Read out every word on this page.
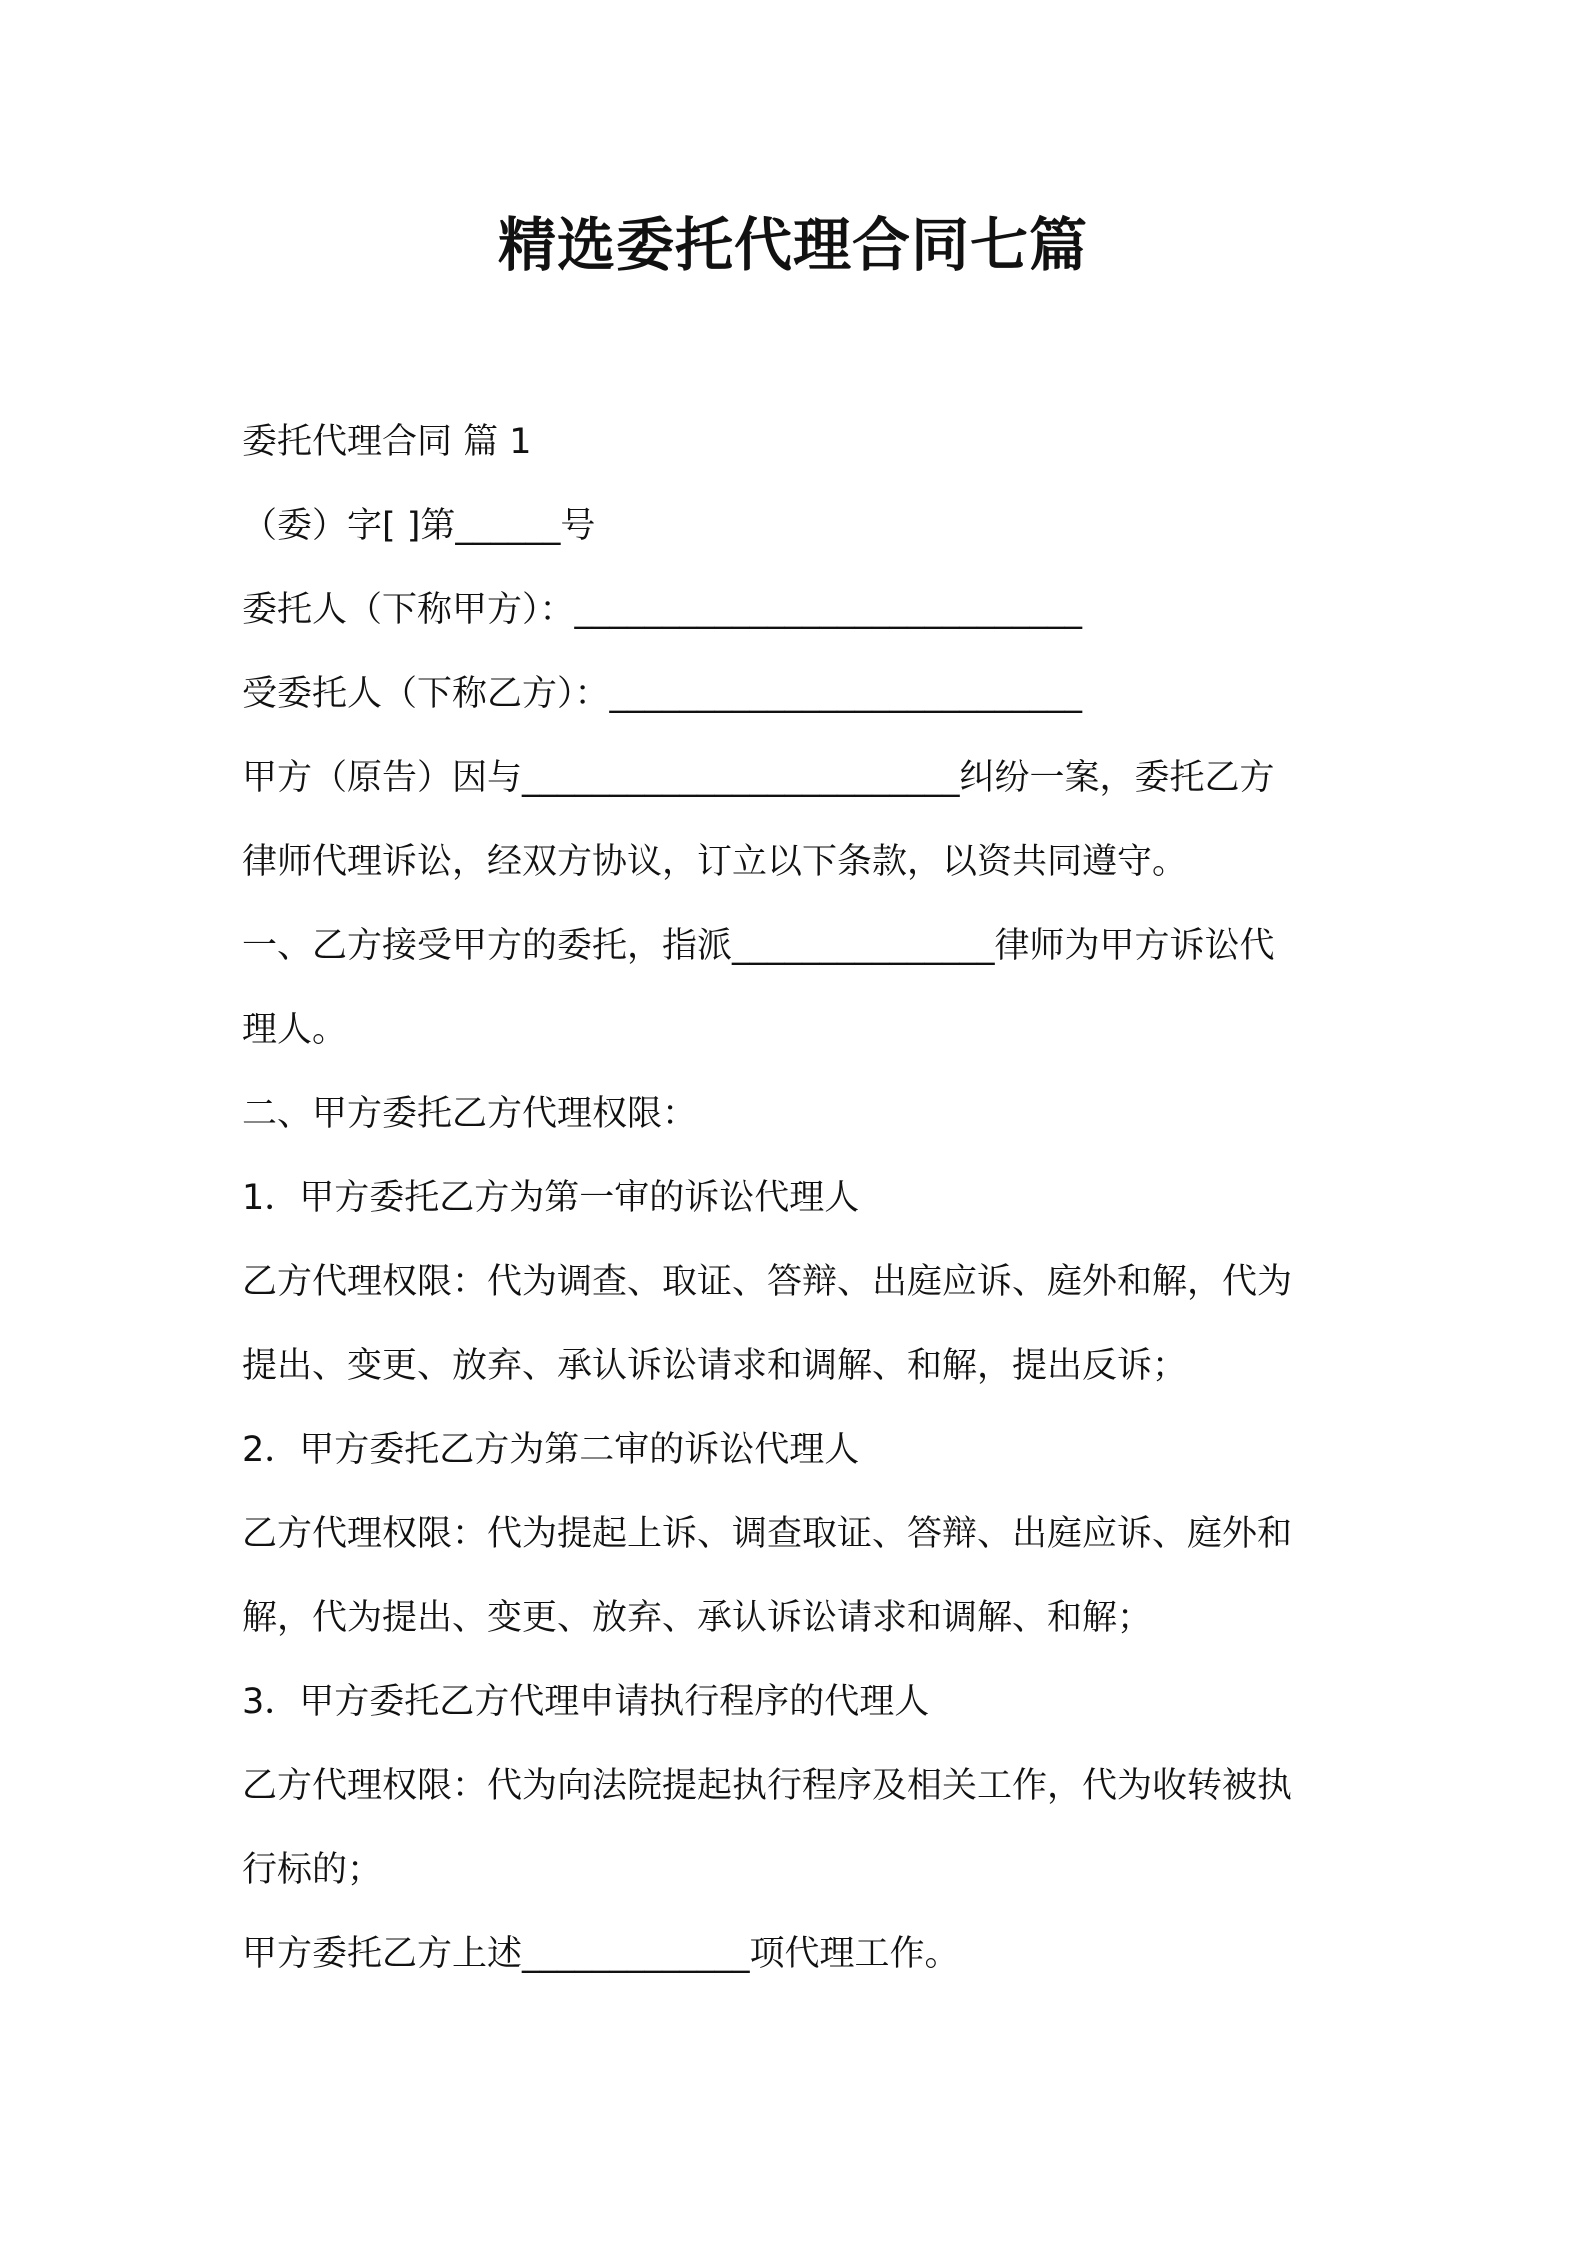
精选委托代理合同七篇

委托代理合同 篇 1

（委）字[ ]第______号

委托人（下称甲方）：_____________________________

受委托人（下称乙方）：___________________________

甲方（原告）因与_________________________纠纷一案，委托乙方

律师代理诉讼，经双方协议，订立以下条款，以资共同遵守。

一、乙方接受甲方的委托，指派_______________律师为甲方诉讼代

理人。

二、甲方委托乙方代理权限：

1．甲方委托乙方为第一审的诉讼代理人

乙方代理权限：代为调查、取证、答辩、出庭应诉、庭外和解，代为

提出、变更、放弃、承认诉讼请求和调解、和解，提出反诉；

2．甲方委托乙方为第二审的诉讼代理人

乙方代理权限：代为提起上诉、调查取证、答辩、出庭应诉、庭外和

解，代为提出、变更、放弃、承认诉讼请求和调解、和解；

3．甲方委托乙方代理申请执行程序的代理人

乙方代理权限：代为向法院提起执行程序及相关工作，代为收转被执

行标的；

甲方委托乙方上述_____________项代理工作。
